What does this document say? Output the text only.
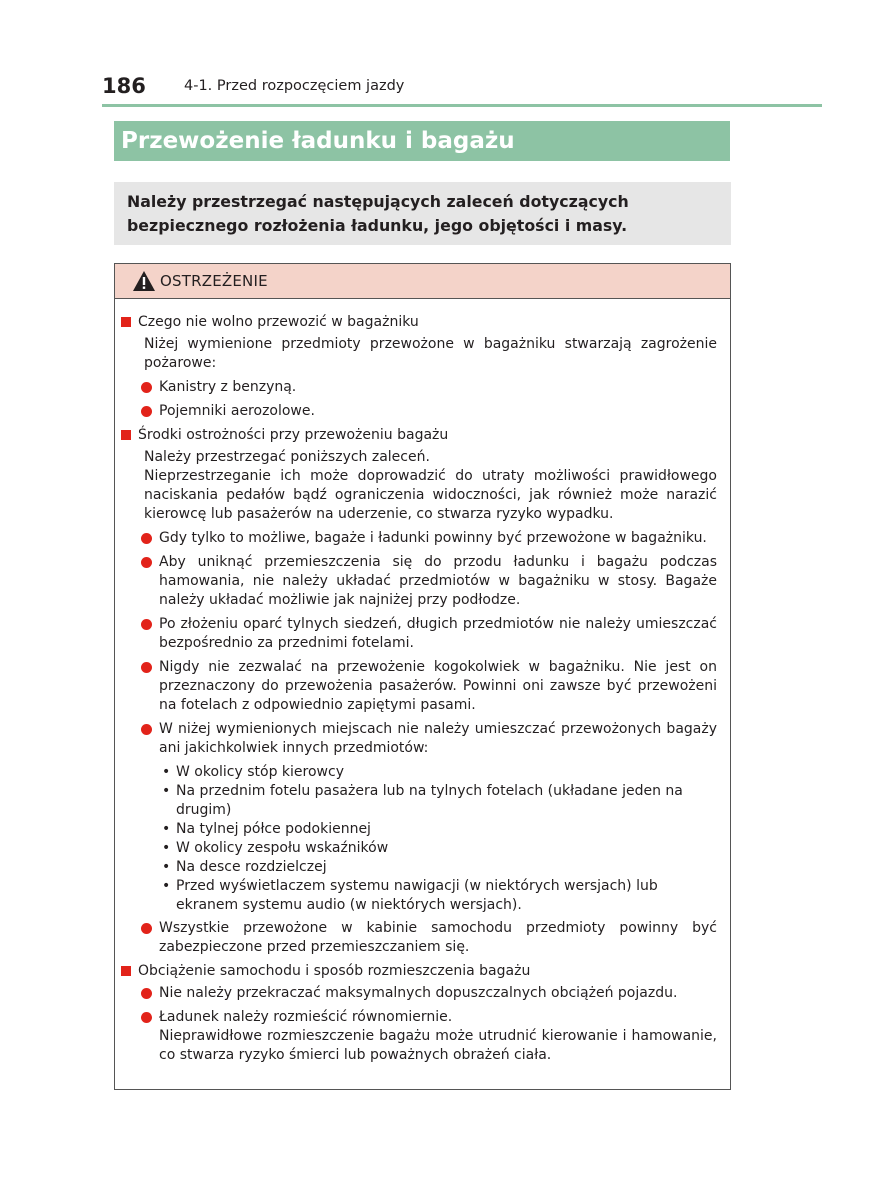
186	4-1. Przed rozpoczęciem jazdy
Przewożenie ładunku i bagażu
Należy przestrzegać następujących zaleceń dotyczących bezpiecznego rozłożenia ładunku, jego objętości i masy.
OSTRZEŻENIE
Czego nie wolno przewozić w bagażniku
Niżej wymienione przedmioty przewożone w bagażniku stwarzają zagrożenie pożarowe:
Kanistry z benzyną.
Pojemniki aerozolowe.
Środki ostrożności przy przewożeniu bagażu
Należy przestrzegać poniższych zaleceń.
Nieprzestrzeganie ich może doprowadzić do utraty możliwości prawidłowego naciskania pedałów bądź ograniczenia widoczności, jak również może narazić kierowcę lub pasażerów na uderzenie, co stwarza ryzyko wypadku.
Gdy tylko to możliwe, bagaże i ładunki powinny być przewożone w bagażniku.
Aby uniknąć przemieszczenia się do przodu ładunku i bagażu podczas hamowania, nie należy układać przedmiotów w bagażniku w stosy. Bagaże należy układać możliwie jak najniżej przy podłodze.
Po złożeniu oparć tylnych siedzeń, długich przedmiotów nie należy umieszczać bezpośrednio za przednimi fotelami.
Nigdy nie zezwalać na przewożenie kogokolwiek w bagażniku. Nie jest on przeznaczony do przewożenia pasażerów. Powinni oni zawsze być przewożeni na fotelach z odpowiednio zapiętymi pasami.
W niżej wymienionych miejscach nie należy umieszczać przewożonych bagaży ani jakichkolwiek innych przedmiotów:
• W okolicy stóp kierowcy
• Na przednim fotelu pasażera lub na tylnych fotelach (układane jeden na drugim)
• Na tylnej półce podokiennej
• W okolicy zespołu wskaźników
• Na desce rozdzielczej
• Przed wyświetlaczem systemu nawigacji (w niektórych wersjach) lub ekranem systemu audio (w niektórych wersjach).
Wszystkie przewożone w kabinie samochodu przedmioty powinny być zabezpieczone przed przemieszczaniem się.
Obciążenie samochodu i sposób rozmieszczenia bagażu
Nie należy przekraczać maksymalnych dopuszczalnych obciążeń pojazdu.
Ładunek należy rozmieścić równomiernie.
Nieprawidłowe rozmieszczenie bagażu może utrudnić kierowanie i hamowanie, co stwarza ryzyko śmierci lub poważnych obrażeń ciała.
